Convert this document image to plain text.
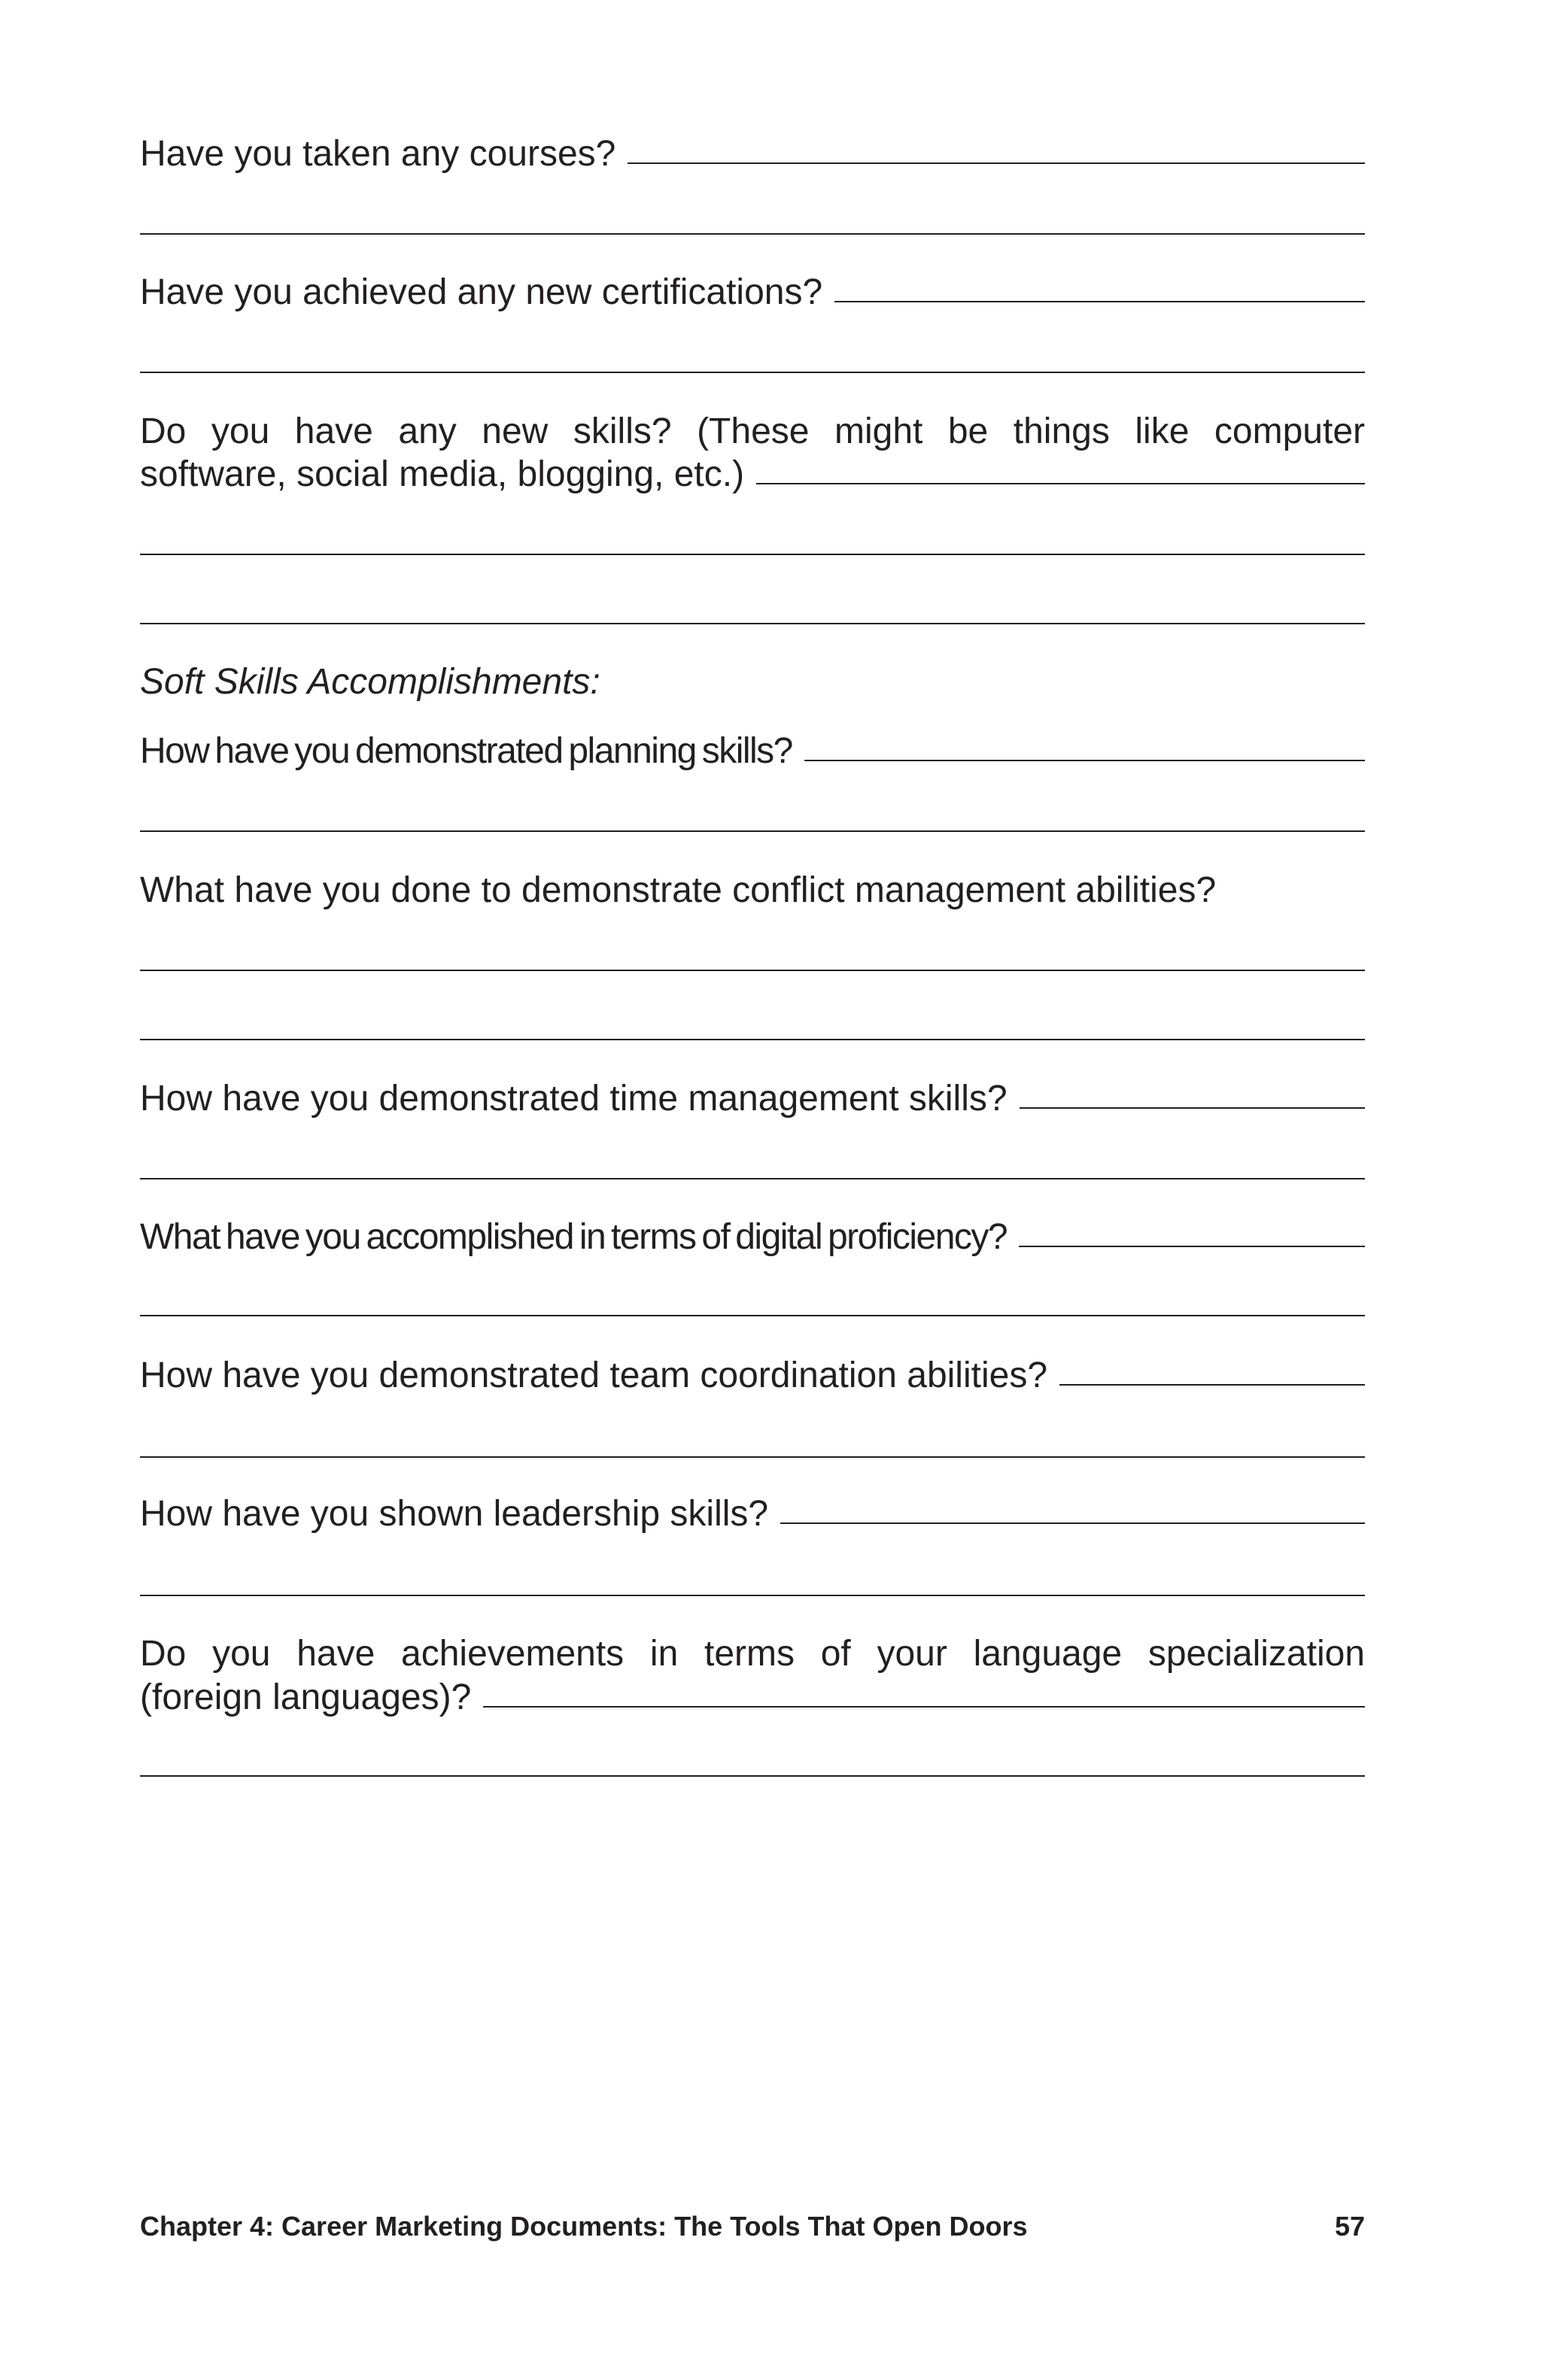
Have you taken any courses?
Have you achieved any new certifications?
Do you have any new skills? (These might be things like computer
software, social media, blogging, etc.)
Soft Skills Accomplishments:
How have you demonstrated planning skills?
What have you done to demonstrate conflict management abilities?
How have you demonstrated time management skills?
What have you accomplished in terms of digital proficiency?
How have you demonstrated team coordination abilities?
How have you shown leadership skills?
Do you have achievements in terms of your language specialization
(foreign languages)?
Chapter 4: Career Marketing Documents: The Tools That Open Doors	57
